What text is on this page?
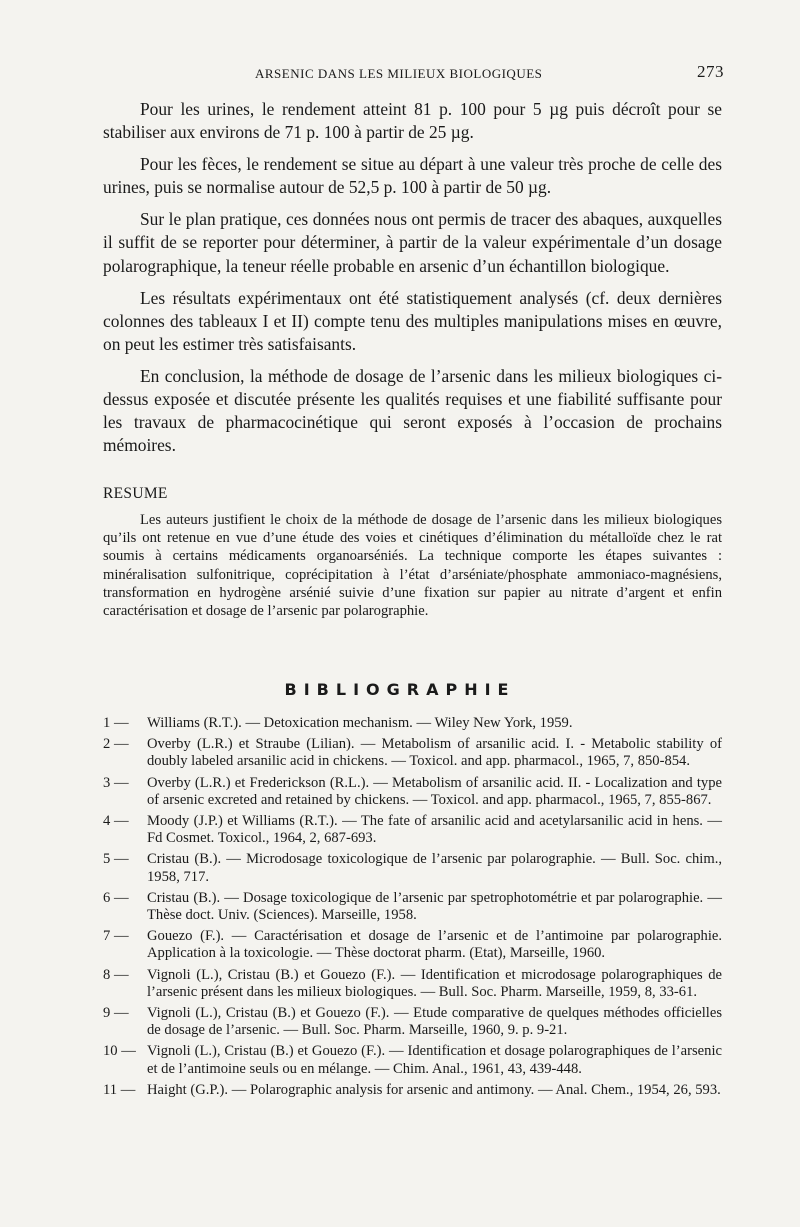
ARSENIC DANS LES MILIEUX BIOLOGIQUES	273

Pour les urines, le rendement atteint 81 p. 100 pour 5 µg puis décroît pour se stabiliser aux environs de 71 p. 100 à partir de 25 µg.

Pour les fèces, le rendement se situe au départ à une valeur très proche de celle des urines, puis se normalise autour de 52,5 p. 100 à partir de 50 µg.

Sur le plan pratique, ces données nous ont permis de tracer des abaques, auxquelles il suffit de se reporter pour déterminer, à partir de la valeur expérimentale d’un dosage polarographique, la teneur réelle probable en arsenic d’un échantillon biologique.

Les résultats expérimentaux ont été statistiquement analysés (cf. deux dernières colonnes des tableaux I et II) compte tenu des multiples manipulations mises en œuvre, on peut les estimer très satisfaisants.

En conclusion, la méthode de dosage de l’arsenic dans les milieux biologiques ci-dessus exposée et discutée présente les qualités requises et une fiabilité suffisante pour les travaux de pharmacocinétique qui seront exposés à l’occasion de prochains mémoires.

RESUME

Les auteurs justifient le choix de la méthode de dosage de l’arsenic dans les milieux biologiques qu’ils ont retenue en vue d’une étude des voies et cinétiques d’élimination du métalloïde chez le rat soumis à certains médicaments organoarséniés. La technique comporte les étapes suivantes : minéralisation sulfonitrique, coprécipitation à l’état d’arséniate/phosphate ammoniaco-magnésiens, transformation en hydrogène arsénié suivie d’une fixation sur papier au nitrate d’argent et enfin caractérisation et dosage de l’arsenic par polarographie.

BIBLIOGRAPHIE
1 —	Williams (R.T.). — Detoxication mechanism. — Wiley New York, 1959.
2 —	Overby (L.R.) et Straube (Lilian). — Metabolism of arsanilic acid. I. - Metabolic stability of doubly labeled arsanilic acid in chickens. — Toxicol. and app. pharmacol., 1965, 7, 850-854.
3 —	Overby (L.R.) et Frederickson (R.L.). — Metabolism of arsanilic acid. II. - Localization and type of arsenic excreted and retained by chickens. — Toxicol. and app. pharmacol., 1965, 7, 855-867.
4 —	Moody (J.P.) et Williams (R.T.). — The fate of arsanilic acid and acetylarsanilic acid in hens. — Fd Cosmet. Toxicol., 1964, 2, 687-693.
5 —	Cristau (B.). — Microdosage toxicologique de l’arsenic par polarographie. — Bull. Soc. chim., 1958, 717.
6 —	Cristau (B.). — Dosage toxicologique de l’arsenic par spetrophotométrie et par polarographie. — Thèse doct. Univ. (Sciences). Marseille, 1958.
7 —	Gouezo (F.). — Caractérisation et dosage de l’arsenic et de l’antimoine par polarographie. Application à la toxicologie. — Thèse doctorat pharm. (Etat), Marseille, 1960.
8 —	Vignoli (L.), Cristau (B.) et Gouezo (F.). — Identification et microdosage polarographiques de l’arsenic présent dans les milieux biologiques. — Bull. Soc. Pharm. Marseille, 1959, 8, 33-61.
9 —	Vignoli (L.), Cristau (B.) et Gouezo (F.). — Etude comparative de quelques méthodes officielles de dosage de l’arsenic. — Bull. Soc. Pharm. Marseille, 1960, 9. p. 9-21.
10 — Vignoli (L.), Cristau (B.) et Gouezo (F.). — Identification et dosage polarographiques de l’arsenic et de l’antimoine seuls ou en mélange. — Chim. Anal., 1961, 43, 439-448.
11 — Haight (G.P.). — Polarographic analysis for arsenic and antimony. — Anal. Chem., 1954, 26, 593.
